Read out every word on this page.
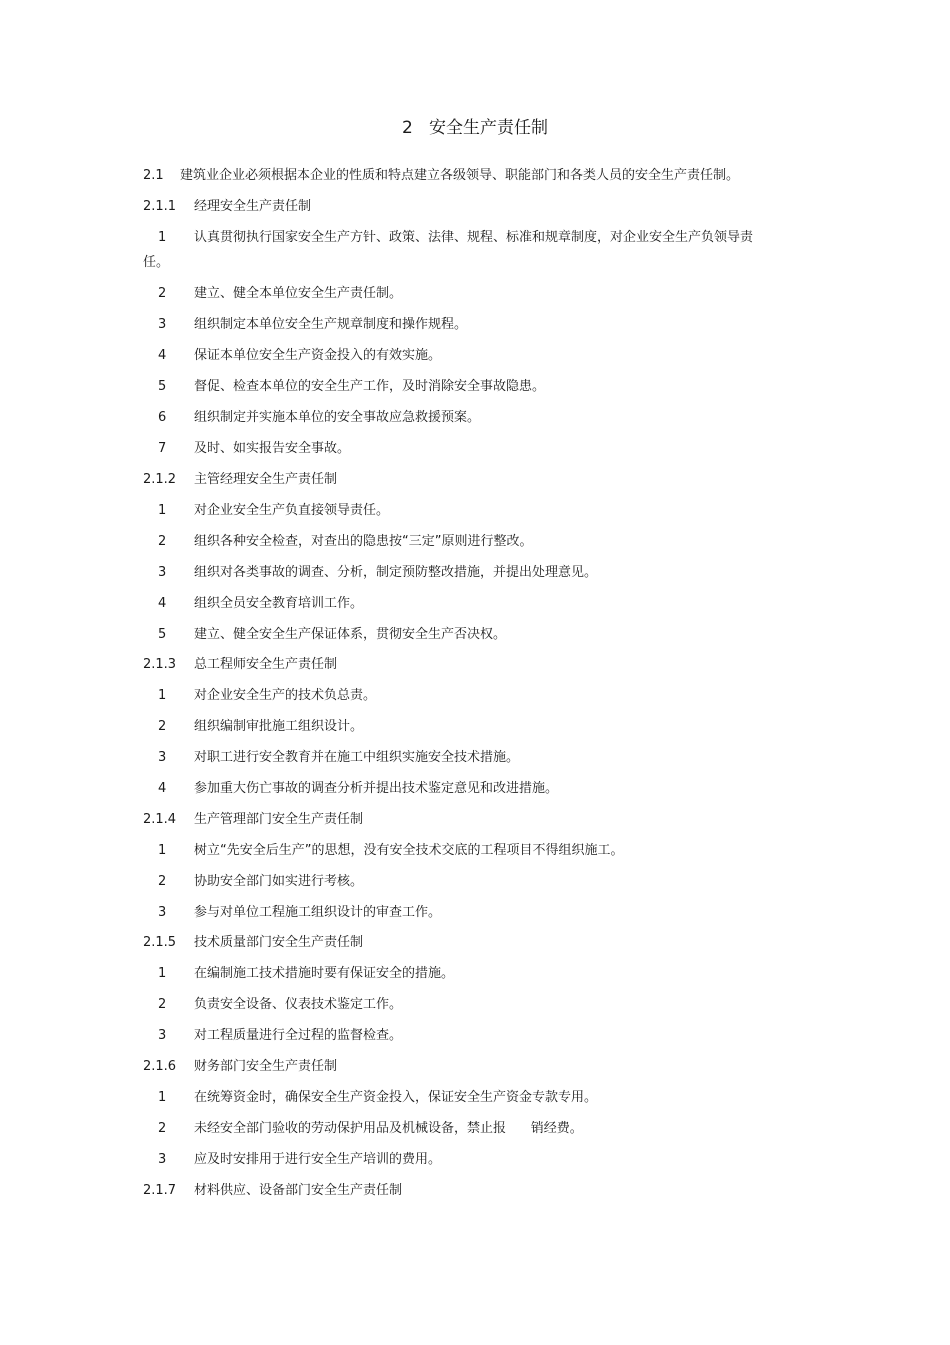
2 安全生产责任制
2.1 建筑业企业必须根据本企业的性质和特点建立各级领导、职能部门和各类人员的安全生产责任制。
2.1.1 经理安全生产责任制
1 认真贯彻执行国家安全生产方针、政策、法律、规程、标准和规章制度，对企业安全生产负领导责
任。
2 建立、健全本单位安全生产责任制。
3 组织制定本单位安全生产规章制度和操作规程。
4 保证本单位安全生产资金投入的有效实施。
5 督促、检查本单位的安全生产工作，及时消除安全事故隐患。
6 组织制定并实施本单位的安全事故应急救援预案。
7 及时、如实报告安全事故。
2.1.2 主管经理安全生产责任制
1 对企业安全生产负直接领导责任。
2 组织各种安全检查，对查出的隐患按“三定”原则进行整改。
3 组织对各类事故的调查、分析，制定预防整改措施，并提出处理意见。
4 组织全员安全教育培训工作。
5 建立、健全安全生产保证体系，贯彻安全生产否决权。
2.1.3 总工程师安全生产责任制
1 对企业安全生产的技术负总责。
2 组织编制审批施工组织设计。
3 对职工进行安全教育并在施工中组织实施安全技术措施。
4 参加重大伤亡事故的调查分析并提出技术鉴定意见和改进措施。
2.1.4 生产管理部门安全生产责任制
1 树立“先安全后生产”的思想，没有安全技术交底的工程项目不得组织施工。
2 协助安全部门如实进行考核。
3 参与对单位工程施工组织设计的审查工作。
2.1.5 技术质量部门安全生产责任制
1 在编制施工技术措施时要有保证安全的措施。
2 负责安全设备、仪表技术鉴定工作。
3 对工程质量进行全过程的监督检查。
2.1.6 财务部门安全生产责任制
1 在统筹资金时，确保安全生产资金投入，保证安全生产资金专款专用。
2 未经安全部门验收的劳动保护用品及机械设备，禁止报      销经费。
3 应及时安排用于进行安全生产培训的费用。
2.1.7 材料供应、设备部门安全生产责任制
